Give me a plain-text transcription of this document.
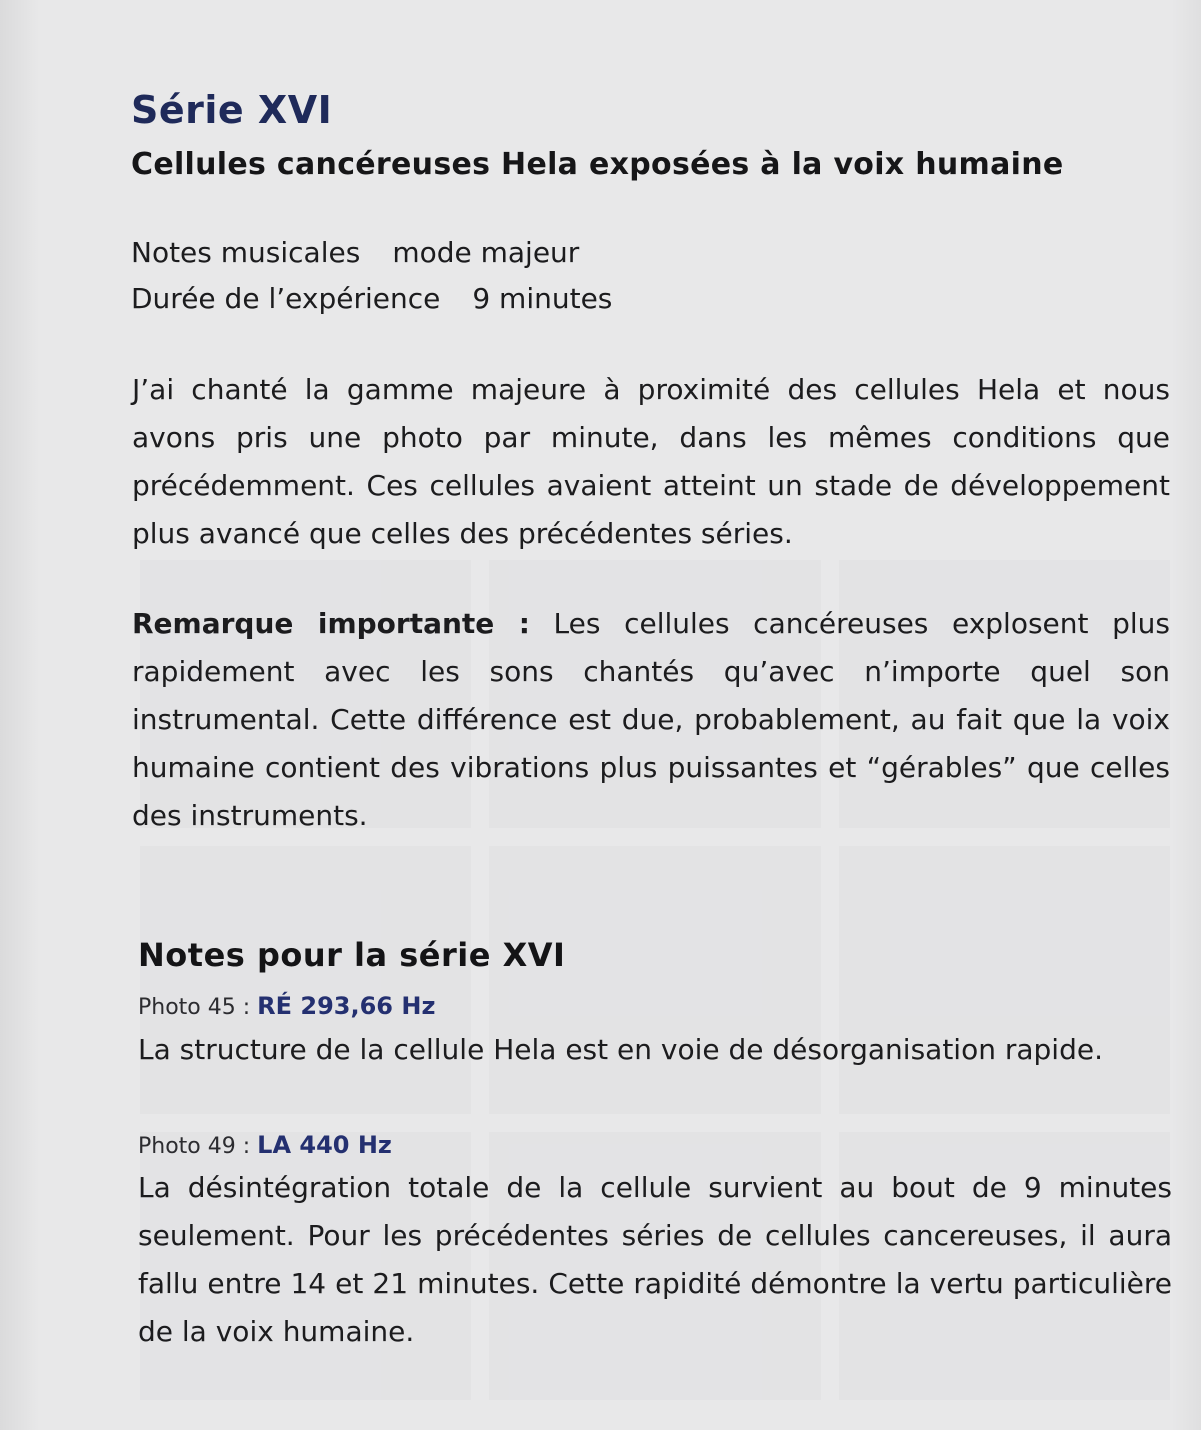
Série XVI
Cellules cancéreuses Hela exposées à la voix humaine
Notes musicales mode majeur
Durée de l’expérience 9 minutes

J’ai chanté la gamme majeure à proximité des cellules Hela et nous avons pris une photo par minute, dans les mêmes conditions que précédemment. Ces cellules avaient atteint un stade de développement plus avancé que celles des précédentes séries.

Remarque importante : Les cellules cancéreuses explosent plus rapidement avec les sons chantés qu’avec n’importe quel son instrumental. Cette différence est due, probablement, au fait que la voix humaine contient des vibrations plus puissantes et “gérables” que celles des instruments.

Notes pour la série XVI
Photo 45 : RÉ 293,66 Hz

La structure de la cellule Hela est en voie de désorganisation rapide.

Photo 49 : LA 440 Hz

La désintégration totale de la cellule survient au bout de 9 minutes seulement. Pour les précédentes séries de cellules cancereuses, il aura fallu entre 14 et 21 minutes. Cette rapidité démontre la vertu particulière de la voix humaine.
